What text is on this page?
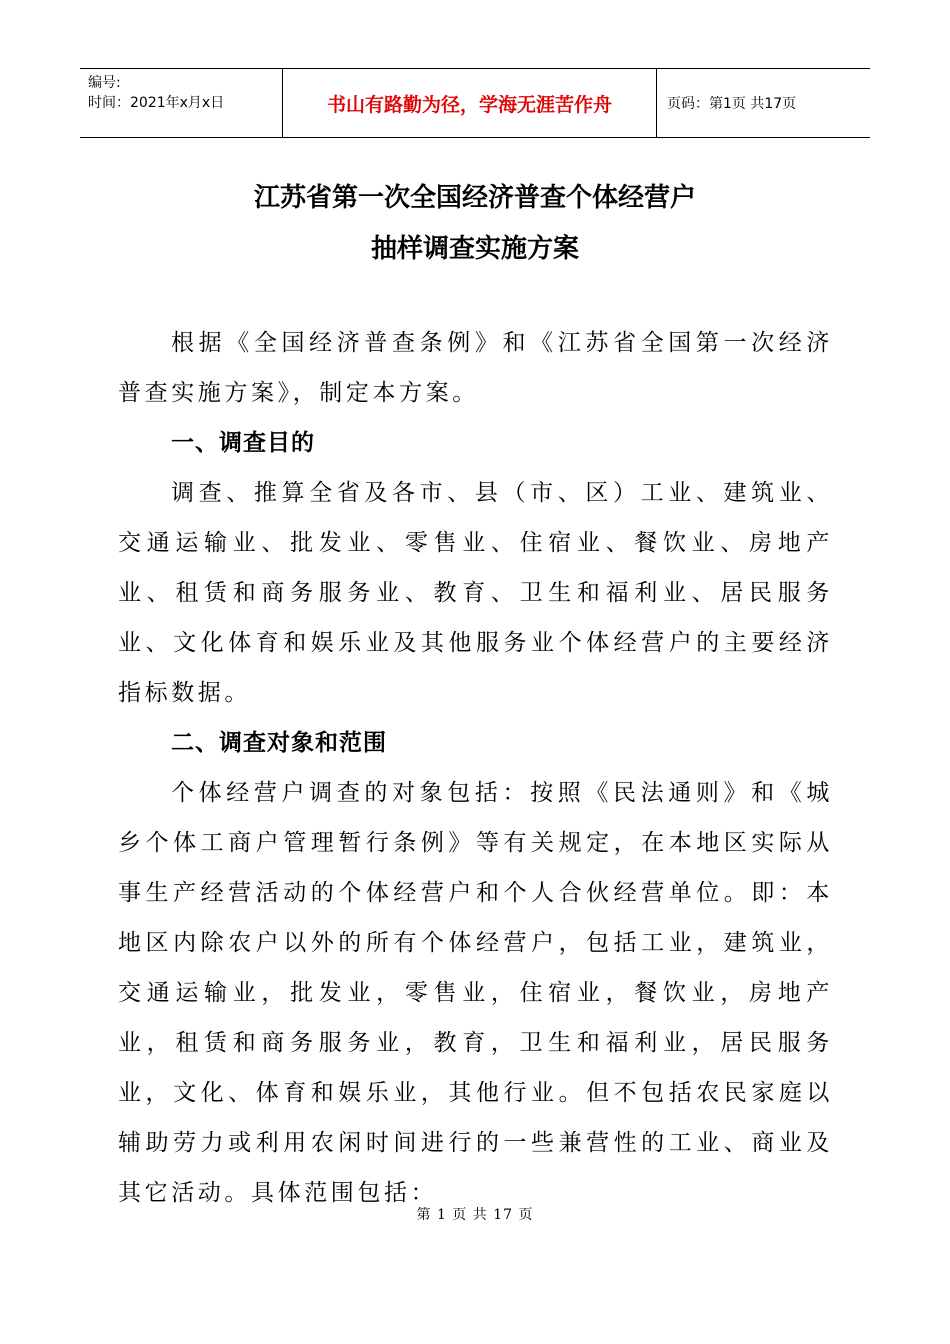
编号:
时间：2021年x月x日	书山有路勤为径，学海无涯苦作舟	页码：第1页 共17页
江苏省第一次全国经济普查个体经营户
抽样调查实施方案

根据《全国经济普查条例》和《江苏省全国第一次经济普查实施方案》，制定本方案。

一、调查目的

调查、推算全省及各市、县（市、区）工业、建筑业、交通运输业、批发业、零售业、住宿业、餐饮业、房地产业、租赁和商务服务业、教育、卫生和福利业、居民服务业、文化体育和娱乐业及其他服务业个体经营户的主要经济指标数据。

二、调查对象和范围

个体经营户调查的对象包括：按照《民法通则》和《城乡个体工商户管理暂行条例》等有关规定，在本地区实际从事生产经营活动的个体经营户和个人合伙经营单位。即：本地区内除农户以外的所有个体经营户，包括工业，建筑业，交通运输业，批发业，零售业，住宿业，餐饮业，房地产业，租赁和商务服务业，教育，卫生和福利业，居民服务业，文化、体育和娱乐业，其他行业。但不包括农民家庭以辅助劳力或利用农闲时间进行的一些兼营性的工业、商业及其它活动。具体范围包括：

第 1 页 共 17 页
